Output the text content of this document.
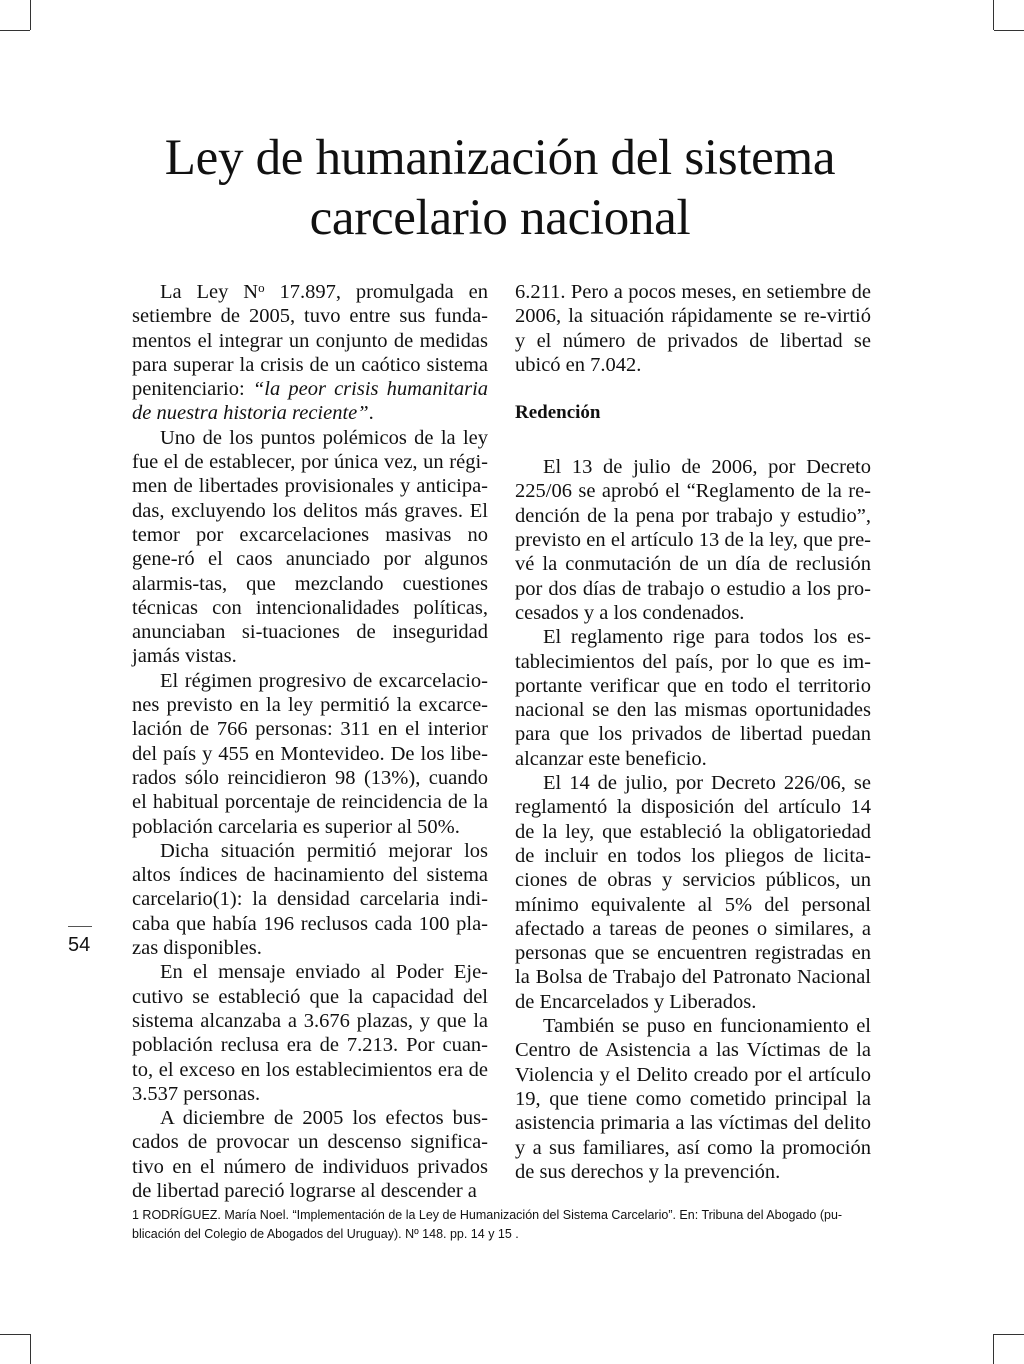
Ley de humanización del sistema
carcelario nacional

La Ley $N^o$ 17.897, promulgada en setiembre de 2005, tuvo entre sus funda-mentos el integrar un conjunto de medidas para superar la crisis de un caótico sistema penitenciario: “la peor crisis humanitaria de nuestra historia reciente”.

Uno de los puntos polémicos de la ley fue el de establecer, por única vez, un régi-men de libertades provisionales y anticipa-das, excluyendo los delitos más graves. El temor por excarcelaciones masivas no gene-ró el caos anunciado por algunos alarmis-tas, que mezclando cuestiones técnicas con intencionalidades políticas, anunciaban si-tuaciones de inseguridad jamás vistas.

El régimen progresivo de excarcelacio-nes previsto en la ley permitió la excarce-lación de 766 personas: 311 en el interior del país y 455 en Montevideo. De los libe-rados sólo reincidieron 98 (13%), cuando el habitual porcentaje de reincidencia de la población carcelaria es superior al 50%.

Dicha situación permitió mejorar los altos índices de hacinamiento del sistema carcelario(1): la densidad carcelaria indi-caba que había 196 reclusos cada 100 pla-zas disponibles.

En el mensaje enviado al Poder Eje-cutivo se estableció que la capacidad del sistema alcanzaba a 3.676 plazas, y que la población reclusa era de 7.213. Por cuan-to, el exceso en los establecimientos era de 3.537 personas.

A diciembre de 2005 los efectos bus-cados de provocar un descenso significa-tivo en el número de individuos privados de libertad pareció lograrse al descender a

6.211. Pero a pocos meses, en setiembre de 2006, la situación rápidamente se re-virtió y el número de privados de libertad se ubicó en 7.042.

Redención

El 13 de julio de 2006, por Decreto 225/06 se aprobó el “Reglamento de la re-dención de la pena por trabajo y estudio”, previsto en el artículo 13 de la ley, que pre-vé la conmutación de un día de reclusión por dos días de trabajo o estudio a los pro-cesados y a los condenados.

El reglamento rige para todos los es-tablecimientos del país, por lo que es im-portante verificar que en todo el territorio nacional se den las mismas oportunidades para que los privados de libertad puedan alcanzar este beneficio.

El 14 de julio, por Decreto 226/06, se reglamentó la disposición del artículo 14 de la ley, que estableció la obligatoriedad de incluir en todos los pliegos de licita-ciones de obras y servicios públicos, un mínimo equivalente al 5% del personal afectado a tareas de peones o similares, a personas que se encuentren registradas en la Bolsa de Trabajo del Patronato Nacional de Encarcelados y Liberados.

También se puso en funcionamiento el Centro de Asistencia a las Víctimas de la Violencia y el Delito creado por el artículo 19, que tiene como cometido principal la asistencia primaria a las víctimas del delito y a sus familiares, así como la promoción de sus derechos y la prevención.

54
1 RODRÍGUEZ. María Noel. “Implementación de la Ley de Humanización del Sistema Carcelario”. En: Tribuna del Abogado (pu-
blicación del Colegio de Abogados del Uruguay). Nº 148. pp. 14 y 15 .
